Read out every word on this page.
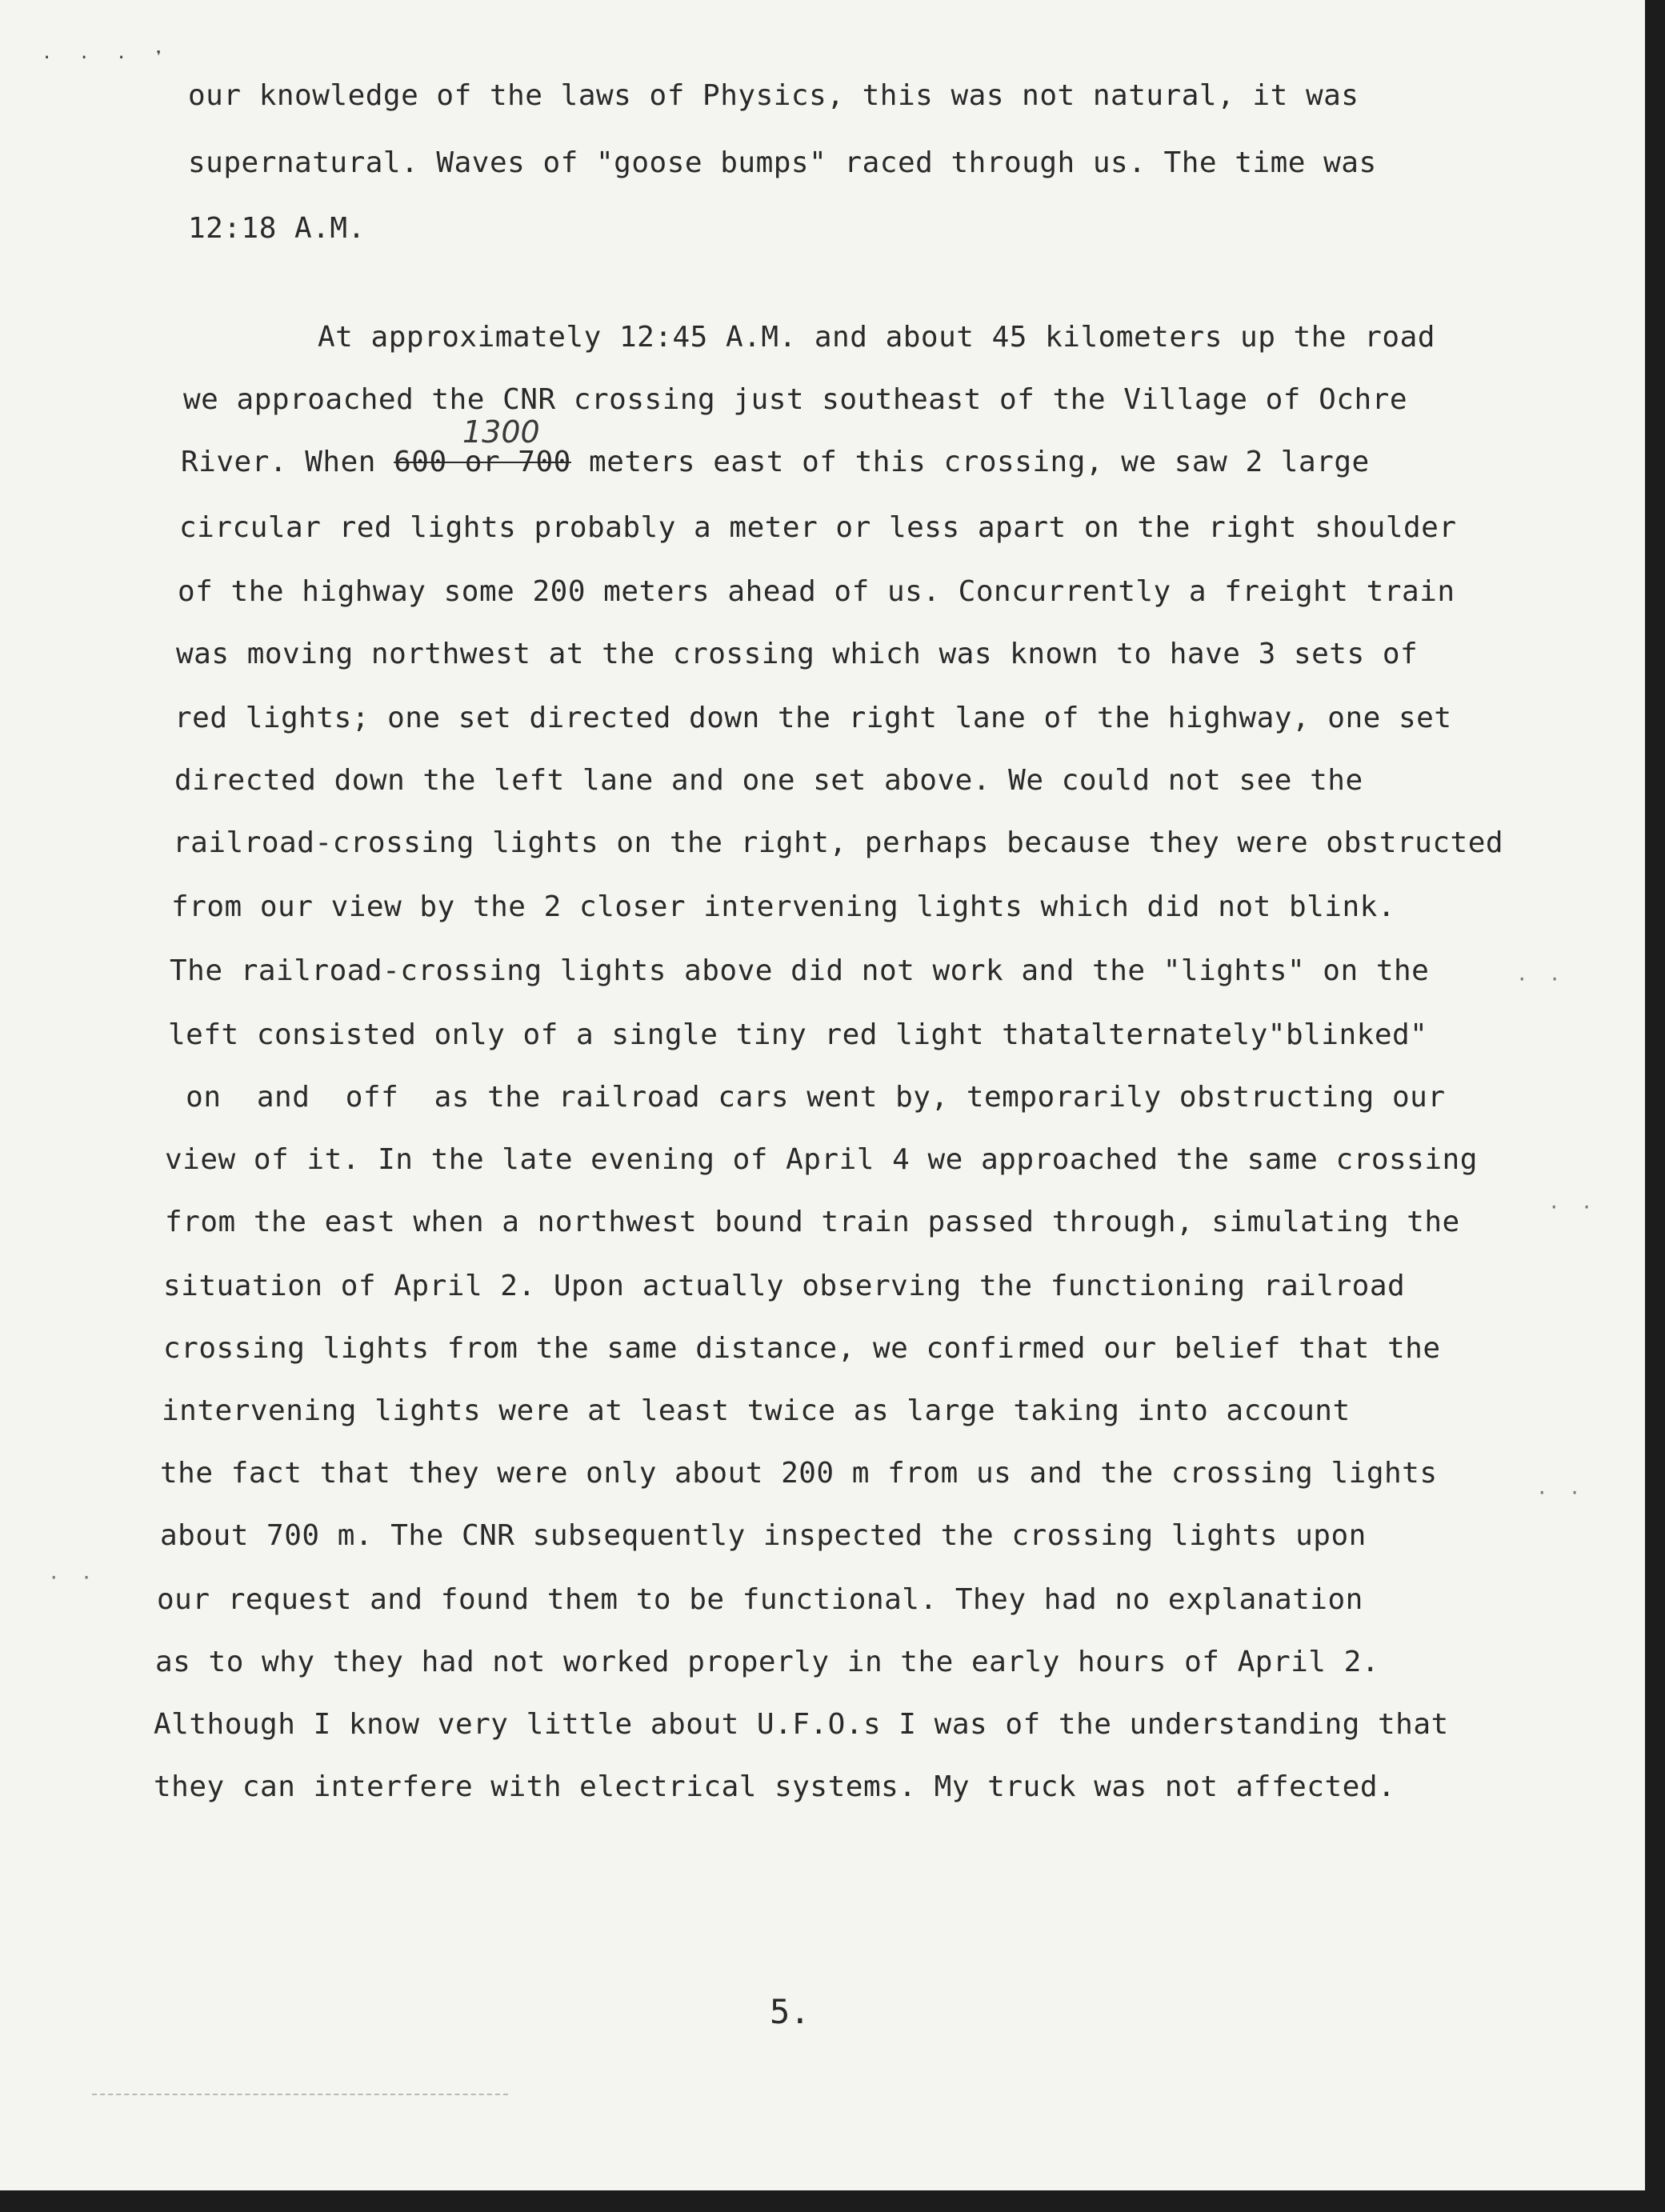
· · · ❜
our knowledge of the laws of Physics, this was not natural, it was
supernatural. Waves of "goose bumps" raced through us. The time was
12:18 A.M.
At approximately 12:45 A.M. and about 45 kilometers up the road
we approached the CNR crossing just southeast of the Village of Ochre
1300
River. When 600 or 700 meters east of this crossing, we saw 2 large
circular red lights probably a meter or less apart on the right shoulder
of the highway some 200 meters ahead of us. Concurrently a freight train
was moving northwest at the crossing which was known to have 3 sets of
red lights; one set directed down the right lane of the highway, one set
directed down the left lane and one set above. We could not see the
railroad-crossing lights on the right, perhaps because they were obstructed
from our view by the 2 closer intervening lights which did not blink.
The railroad-crossing lights above did not work and the "lights" on the
left consisted only of a single tiny red light thatalternately"blinked"
on  and  off  as the railroad cars went by, temporarily obstructing our
view of it. In the late evening of April 4 we approached the same crossing
from the east when a northwest bound train passed through, simulating the
situation of April 2. Upon actually observing the functioning railroad
crossing lights from the same distance, we confirmed our belief that the
intervening lights were at least twice as large taking into account
the fact that they were only about 200 m from us and the crossing lights
about 700 m. The CNR subsequently inspected the crossing lights upon
our request and found them to be functional. They had no explanation
as to why they had not worked properly in the early hours of April 2.
Although I know very little about U.F.O.s I was of the understanding that
they can interfere with electrical systems. My truck was not affected.
5.
· ·
· ·
· ·
· ·
